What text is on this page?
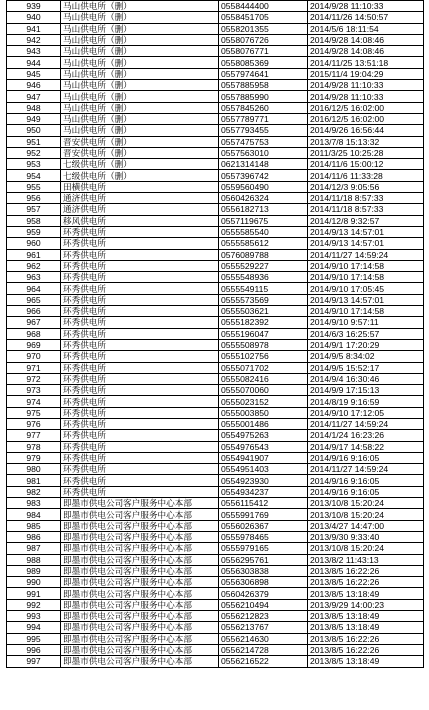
939	马山供电所（删）	0558444400	2014/9/28 11:10:33
940	马山供电所（删）	0558451705	2014/11/26 14:50:57
941	马山供电所（删）	0558201355	2014/5/6 18:11:54
942	马山供电所（删）	0558076726	2014/9/28 14:08:46
943	马山供电所（删）	0558076771	2014/9/28 14:08:46
944	马山供电所（删）	0558085369	2014/11/25 13:51:18
945	马山供电所（删）	0557974641	2015/11/4 19:04:29
946	马山供电所（删）	0557885958	2014/9/28 11:10:33
947	马山供电所（删）	0557885990	2014/9/28 11:10:33
948	马山供电所（删）	0557845260	2016/12/5 16:02:00
949	马山供电所（删）	0557789771	2016/12/5 16:02:00
950	马山供电所（删）	0557793455	2014/9/26 16:56:44
951	晋安供电所（删）	0557475753	2013/7/8 15:13:32
952	晋安供电所（删）	0557563010	2011/3/25 10:25:28
953	七级供电所（删）	0621314148	2014/11/6 15:00:12
954	七级供电所（删）	0557396742	2014/11/6 11:33:28
955	田横供电所	0559560490	2014/12/3 9:05:56
956	通济供电所	0560426324	2014/11/18 8:57:33
957	通济供电所	0556182713	2014/11/18 8:57:33
958	移风供电所	0557119675	2014/12/8 9:32:57
959	环秀供电所	0555585540	2014/9/13 14:57:01
960	环秀供电所	0555585612	2014/9/13 14:57:01
961	环秀供电所	0576089788	2014/11/27 14:59:24
962	环秀供电所	0555529227	2014/9/10 17:14:58
963	环秀供电所	0555548936	2014/9/10 17:14:58
964	环秀供电所	0555549115	2014/9/10 17:05:45
965	环秀供电所	0555573569	2014/9/13 14:57:01
966	环秀供电所	0555503621	2014/9/10 17:14:58
967	环秀供电所	0555182392	2014/9/10 9:57:11
968	环秀供电所	0555196047	2014/6/3 16:25:57
969	环秀供电所	0555508978	2014/9/1 17:20:29
970	环秀供电所	0555102756	2014/9/5 8:34:02
971	环秀供电所	0555071702	2014/9/5 15:52:17
972	环秀供电所	0555082416	2014/9/4 16:30:46
973	环秀供电所	0555070060	2014/9/9 17:15:13
974	环秀供电所	0555023152	2014/8/19 9:16:59
975	环秀供电所	0555003850	2014/9/10 17:12:05
976	环秀供电所	0555001486	2014/11/27 14:59:24
977	环秀供电所	0554975263	2014/1/24 16:23:26
978	环秀供电所	0554976543	2014/9/17 14:58:22
979	环秀供电所	0554941907	2014/9/16 9:16:05
980	环秀供电所	0554951403	2014/11/27 14:59:24
981	环秀供电所	0554923930	2014/9/16 9:16:05
982	环秀供电所	0554934237	2014/9/16 9:16:05
983	即墨市供电公司客户服务中心本部	0556115412	2013/10/8 15:20:24
984	即墨市供电公司客户服务中心本部	0555991769	2013/10/8 15:20:24
985	即墨市供电公司客户服务中心本部	0556026367	2013/4/27 14:47:00
986	即墨市供电公司客户服务中心本部	0555978465	2013/9/30 9:33:40
987	即墨市供电公司客户服务中心本部	0555979165	2013/10/8 15:20:24
988	即墨市供电公司客户服务中心本部	0556295761	2013/8/2 11:43:13
989	即墨市供电公司客户服务中心本部	0556303838	2013/8/5 16:22:26
990	即墨市供电公司客户服务中心本部	0556306898	2013/8/5 16:22:26
991	即墨市供电公司客户服务中心本部	0560426379	2013/8/5 13:18:49
992	即墨市供电公司客户服务中心本部	0556210494	2013/9/29 14:00:23
993	即墨市供电公司客户服务中心本部	0556212823	2013/8/5 13:18:49
994	即墨市供电公司客户服务中心本部	0556213767	2013/8/5 13:18:49
995	即墨市供电公司客户服务中心本部	0556214630	2013/8/5 16:22:26
996	即墨市供电公司客户服务中心本部	0556214728	2013/8/5 16:22:26
997	即墨市供电公司客户服务中心本部	0556216522	2013/8/5 13:18:49
